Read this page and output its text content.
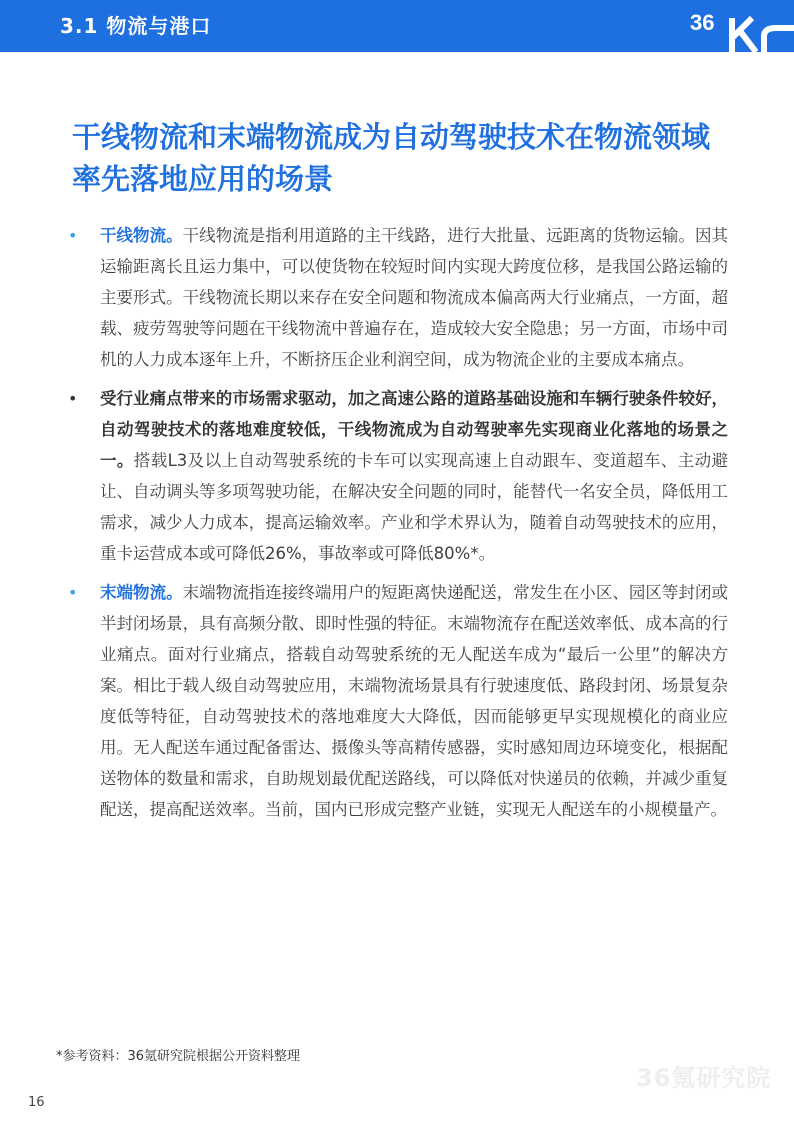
3.1 物流与港口	36
干线物流和末端物流成为自动驾驶技术在物流领域率先落地应用的场景
• 干线物流。干线物流是指利用道路的主干线路，进行大批量、远距离的货物运输。因其运输距离长且运力集中，可以使货物在较短时间内实现大跨度位移，是我国公路运输的主要形式。干线物流长期以来存在安全问题和物流成本偏高两大行业痛点，一方面，超载、疲劳驾驶等问题在干线物流中普遍存在，造成较大安全隐患；另一方面，市场中司机的人力成本逐年上升，不断挤压企业利润空间，成为物流企业的主要成本痛点。
• 受行业痛点带来的市场需求驱动，加之高速公路的道路基础设施和车辆行驶条件较好，自动驾驶技术的落地难度较低，干线物流成为自动驾驶率先实现商业化落地的场景之一。搭载L3及以上自动驾驶系统的卡车可以实现高速上自动跟车、变道超车、主动避让、自动调头等多项驾驶功能，在解决安全问题的同时，能替代一名安全员，降低用工需求，减少人力成本，提高运输效率。产业和学术界认为，随着自动驾驶技术的应用，重卡运营成本或可降低26%，事故率或可降低80%*。
• 末端物流。末端物流指连接终端用户的短距离快递配送，常发生在小区、园区等封闭或半封闭场景，具有高频分散、即时性强的特征。末端物流存在配送效率低、成本高的行业痛点。面对行业痛点，搭载自动驾驶系统的无人配送车成为“最后一公里”的解决方案。相比于载人级自动驾驶应用，末端物流场景具有行驶速度低、路段封闭、场景复杂度低等特征，自动驾驶技术的落地难度大大降低，因而能够更早实现规模化的商业应用。无人配送车通过配备雷达、摄像头等高精传感器，实时感知周边环境变化，根据配送物体的数量和需求，自助规划最优配送路线，可以降低对快递员的依赖，并减少重复配送，提高配送效率。当前，国内已形成完整产业链，实现无人配送车的小规模量产。
*参考资料：36氪研究院根据公开资料整理
36氪研究院
16
